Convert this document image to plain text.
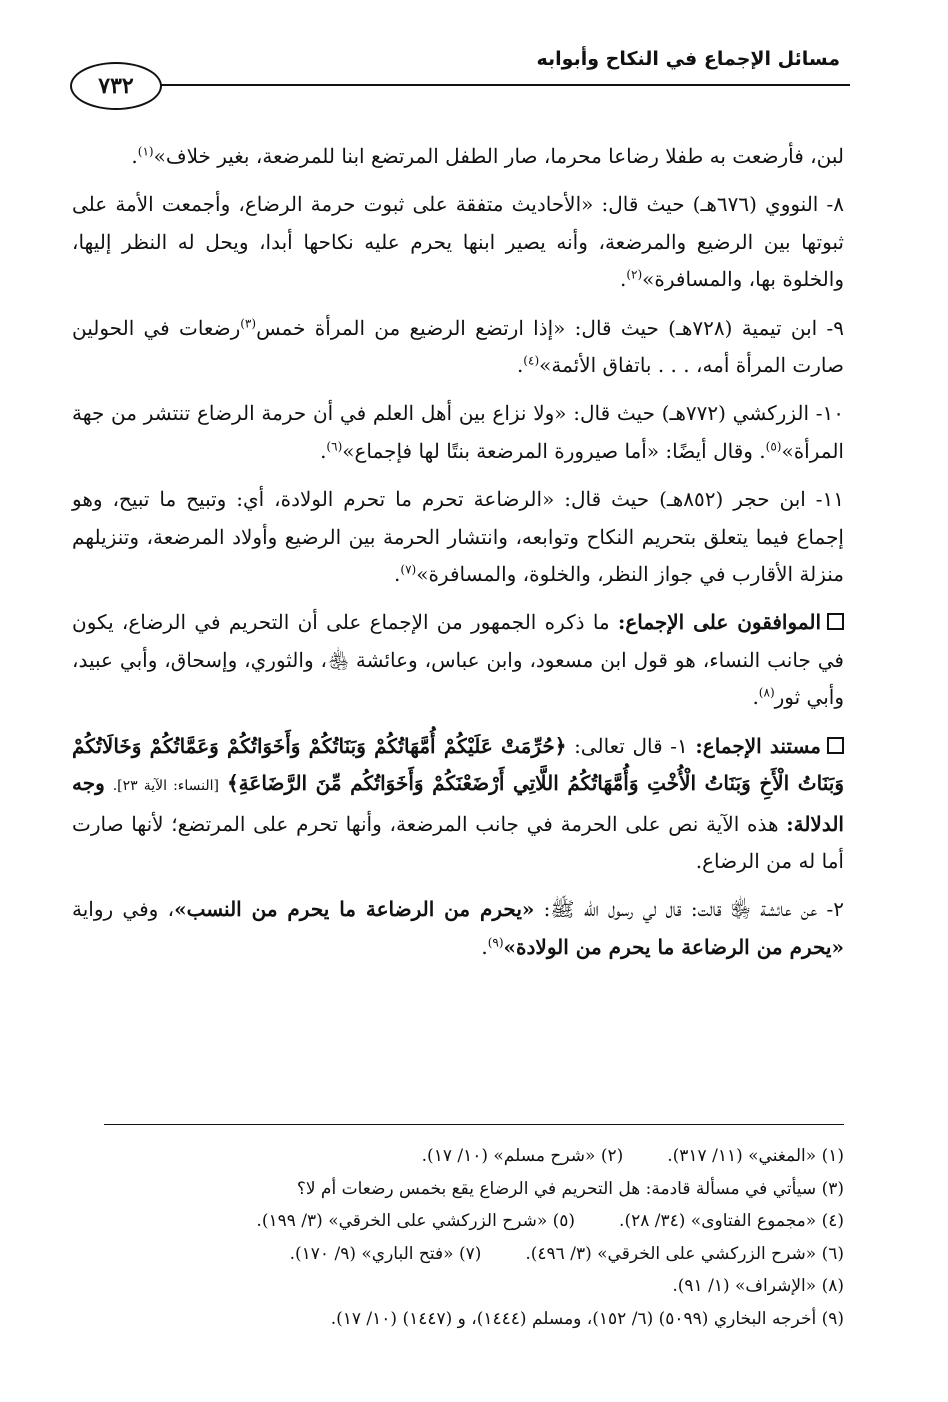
مسائل الإجماع في النكاح وأبوابه
٧٣٢

لبن، فأرضعت به طفلا رضاعا محرما، صار الطفل المرتضع ابنا للمرضعة، بغير خلاف»$^{(١)}$.

٨- النووي (٦٧٦هـ) حيث قال: «الأحاديث متفقة على ثبوت حرمة الرضاع، وأجمعت الأمة على ثبوتها بين الرضيع والمرضعة، وأنه يصير ابنها يحرم عليه نكاحها أبدا، ويحل له النظر إليها، والخلوة بها، والمسافرة»$^{(٢)}$.

٩- ابن تيمية (٧٢٨هـ) حيث قال: «إذا ارتضع الرضيع من المرأة خمس$^{(٣)}$رضعات في الحولين صارت المرأة أمه، . . . باتفاق الأئمة»$^{(٤)}$.

١٠- الزركشي (٧٧٢هـ) حيث قال: «ولا نزاع بين أهل العلم في أن حرمة الرضاع تنتشر من جهة المرأة»$^{(٥)}$. وقال أيضًا: «أما صيرورة المرضعة بنتًا لها فإجماع»$^{(٦)}$.

١١- ابن حجر (٨٥٢هـ) حيث قال: «الرضاعة تحرم ما تحرم الولادة، أي: وتبيح ما تبيح، وهو إجماع فيما يتعلق بتحريم النكاح وتوابعه، وانتشار الحرمة بين الرضيع وأولاد المرضعة، وتنزيلهم منزلة الأقارب في جواز النظر، والخلوة، والمسافرة»$^{(٧)}$.

الموافقون على الإجماع: ما ذكره الجمهور من الإجماع على أن التحريم في الرضاع، يكون في جانب النساء، هو قول ابن مسعود، وابن عباس، وعائشة ﵃، والثوري، وإسحاق، وأبي عبيد، وأبي ثور$^{(٨)}$.

مستند الإجماع: ١- قال تعالى: ﴿حُرِّمَتْ عَلَيْكُمْ أُمَّهَاتُكُمْ وَبَنَاتُكُمْ وَأَخَوَاتُكُمْ وَعَمَّاتُكُمْ وَخَالَاتُكُمْ وَبَنَاتُ الْأَخِ وَبَنَاتُ الْأُخْتِ وَأُمَّهَاتُكُمُ اللَّاتِي أَرْضَعْنَكُمْ وَأَخَوَاتُكُم مِّنَ الرَّضَاعَةِ﴾ [النساء: الآية ٢٣]. وجه الدلالة: هذه الآية نص على الحرمة في جانب المرضعة، وأنها تحرم على المرتضع؛ لأنها صارت أما له من الرضاع.

٢- عن عائشة ﵂ قالت: قال لي رسول الله ﷺ: «يحرم من الرضاعة ما يحرم من النسب»، وفي رواية «يحرم من الرضاعة ما يحرم من الولادة»$^{(٩)}$.

(١) «المغني» (١١/ ٣١٧).(٢) «شرح مسلم» (١٠/ ١٧).
(٣) سيأتي في مسألة قادمة: هل التحريم في الرضاع يقع بخمس رضعات أم لا؟
(٤) «مجموع الفتاوى» (٣٤/ ٢٨).(٥) «شرح الزركشي على الخرقي» (٣/ ١٩٩).
(٦) «شرح الزركشي على الخرقي» (٣/ ٤٩٦).(٧) «فتح الباري» (٩/ ١٧٠).
(٨) «الإشراف» (١/ ٩١).
(٩) أخرجه البخاري (٥٠٩٩) (٦/ ١٥٢)، ومسلم (١٤٤٤)، و (١٤٤٧) (١٠/ ١٧).
